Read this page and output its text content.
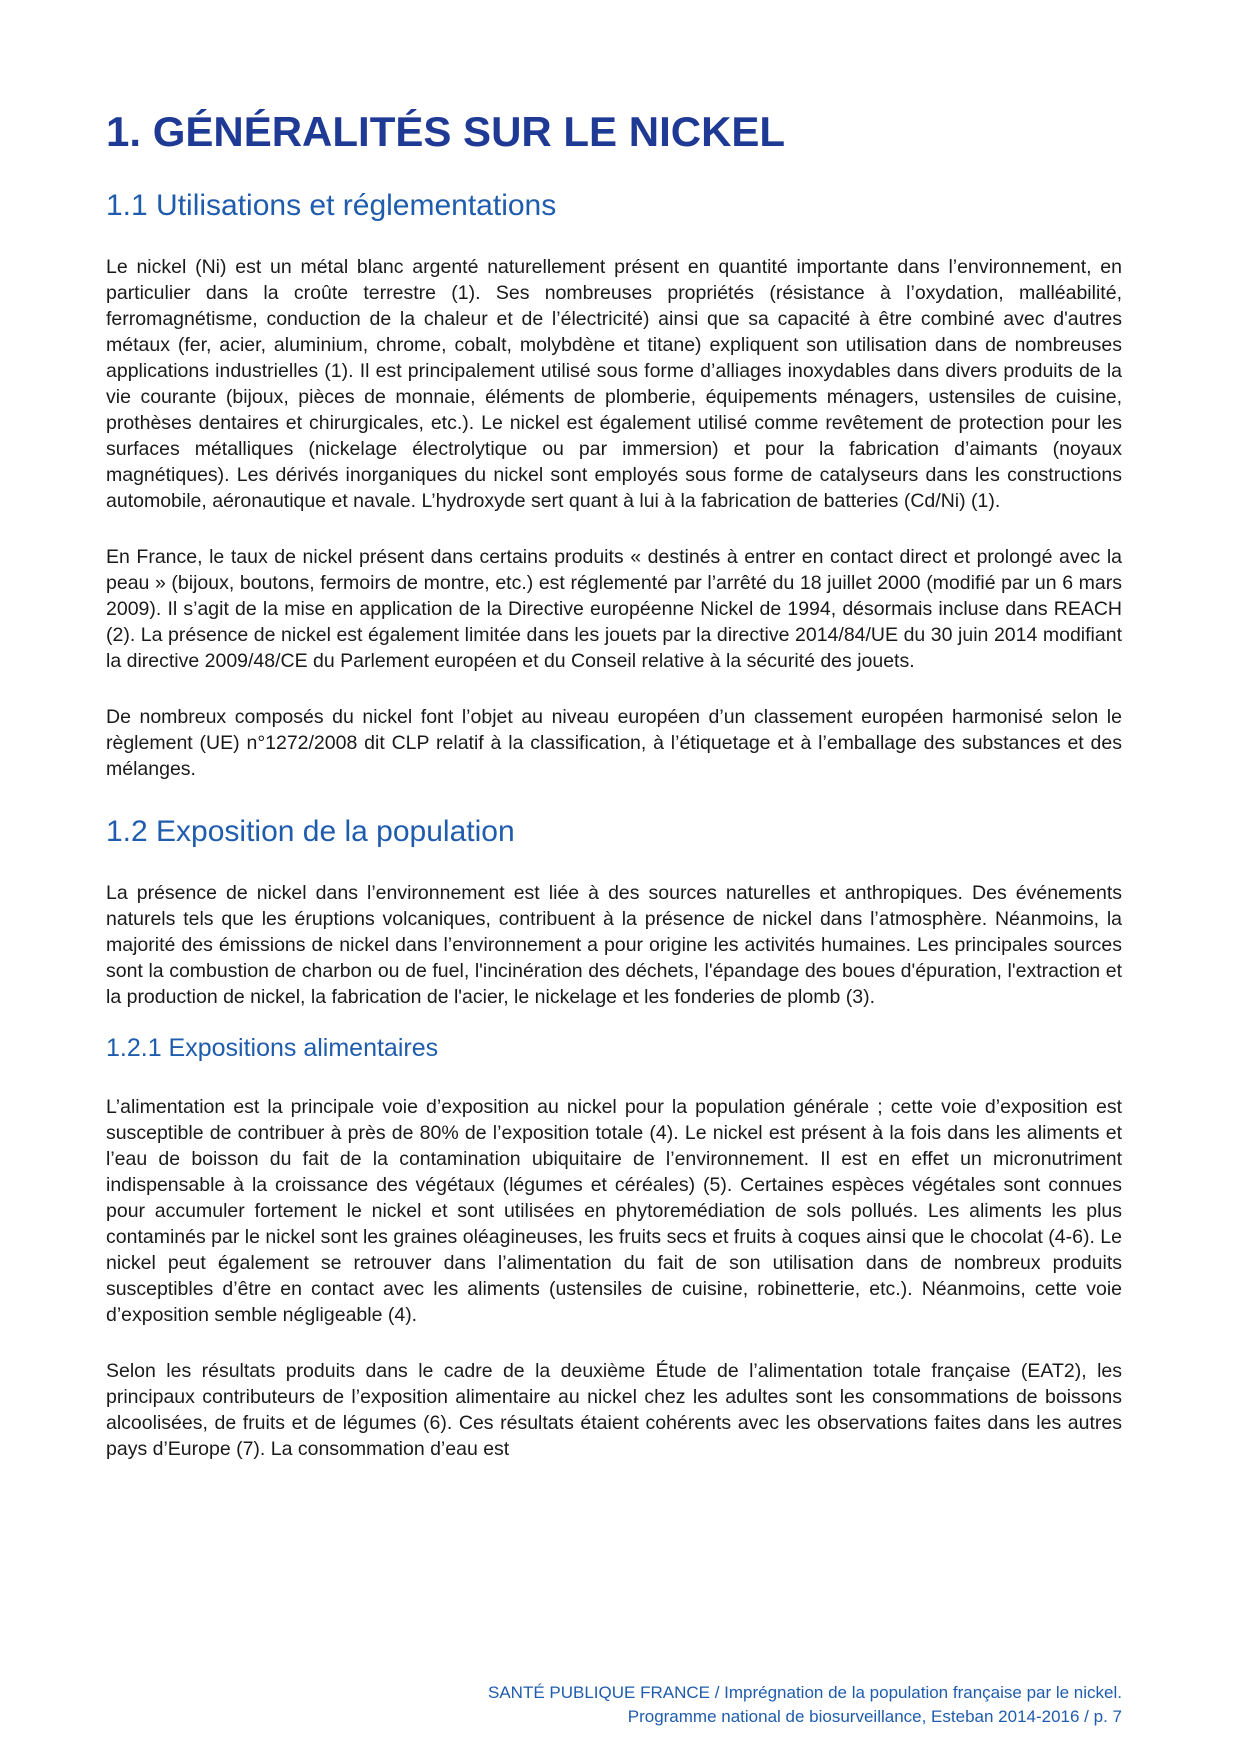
1. GÉNÉRALITÉS SUR LE NICKEL
1.1 Utilisations et réglementations

Le nickel (Ni) est un métal blanc argenté naturellement présent en quantité importante dans l’environnement, en particulier dans la croûte terrestre (1). Ses nombreuses propriétés (résistance à l’oxydation, malléabilité, ferromagnétisme, conduction de la chaleur et de l’électricité) ainsi que sa capacité à être combiné avec d'autres métaux (fer, acier, aluminium, chrome, cobalt, molybdène et titane) expliquent son utilisation dans de nombreuses applications industrielles (1). Il est principalement utilisé sous forme d’alliages inoxydables dans divers produits de la vie courante (bijoux, pièces de monnaie, éléments de plomberie, équipements ménagers, ustensiles de cuisine, prothèses dentaires et chirurgicales, etc.). Le nickel est également utilisé comme revêtement de protection pour les surfaces métalliques (nickelage électrolytique ou par immersion) et pour la fabrication d’aimants (noyaux magnétiques). Les dérivés inorganiques du nickel sont employés sous forme de catalyseurs dans les constructions automobile, aéronautique et navale. L’hydroxyde sert quant à lui à la fabrication de batteries (Cd/Ni) (1).

En France, le taux de nickel présent dans certains produits « destinés à entrer en contact direct et prolongé avec la peau » (bijoux, boutons, fermoirs de montre, etc.) est réglementé par l’arrêté du 18 juillet 2000 (modifié par un 6 mars 2009). Il s’agit de la mise en application de la Directive européenne Nickel de 1994, désormais incluse dans REACH (2). La présence de nickel est également limitée dans les jouets par la directive 2014/84/UE du 30 juin 2014 modifiant la directive 2009/48/CE du Parlement européen et du Conseil relative à la sécurité des jouets.

De nombreux composés du nickel font l’objet au niveau européen d’un classement européen harmonisé selon le règlement (UE) n°1272/2008 dit CLP relatif à la classification, à l’étiquetage et à l’emballage des substances et des mélanges.

1.2 Exposition de la population

La présence de nickel dans l’environnement est liée à des sources naturelles et anthropiques. Des événements naturels tels que les éruptions volcaniques, contribuent à la présence de nickel dans l’atmosphère. Néanmoins, la majorité des émissions de nickel dans l’environnement a pour origine les activités humaines. Les principales sources sont la combustion de charbon ou de fuel, l'incinération des déchets, l'épandage des boues d'épuration, l'extraction et la production de nickel, la fabrication de l'acier, le nickelage et les fonderies de plomb (3).

1.2.1 Expositions alimentaires

L’alimentation est la principale voie d’exposition au nickel pour la population générale ; cette voie d’exposition est susceptible de contribuer à près de 80% de l’exposition totale (4). Le nickel est présent à la fois dans les aliments et l’eau de boisson du fait de la contamination ubiquitaire de l’environnement. Il est en effet un micronutriment indispensable à la croissance des végétaux (légumes et céréales) (5). Certaines espèces végétales sont connues pour accumuler fortement le nickel et sont utilisées en phytoremédiation de sols pollués. Les aliments les plus contaminés par le nickel sont les graines oléagineuses, les fruits secs et fruits à coques ainsi que le chocolat (4-6). Le nickel peut également se retrouver dans l’alimentation du fait de son utilisation dans de nombreux produits susceptibles d’être en contact avec les aliments (ustensiles de cuisine, robinetterie, etc.). Néanmoins, cette voie d’exposition semble négligeable (4).

Selon les résultats produits dans le cadre de la deuxième Étude de l’alimentation totale française (EAT2), les principaux contributeurs de l’exposition alimentaire au nickel chez les adultes sont les consommations de boissons alcoolisées, de fruits et de légumes (6). Ces résultats étaient cohérents avec les observations faites dans les autres pays d’Europe (7). La consommation d’eau est

SANTÉ PUBLIQUE FRANCE / Imprégnation de la population française par le nickel.
Programme national de biosurveillance, Esteban 2014-2016 / p. 7
